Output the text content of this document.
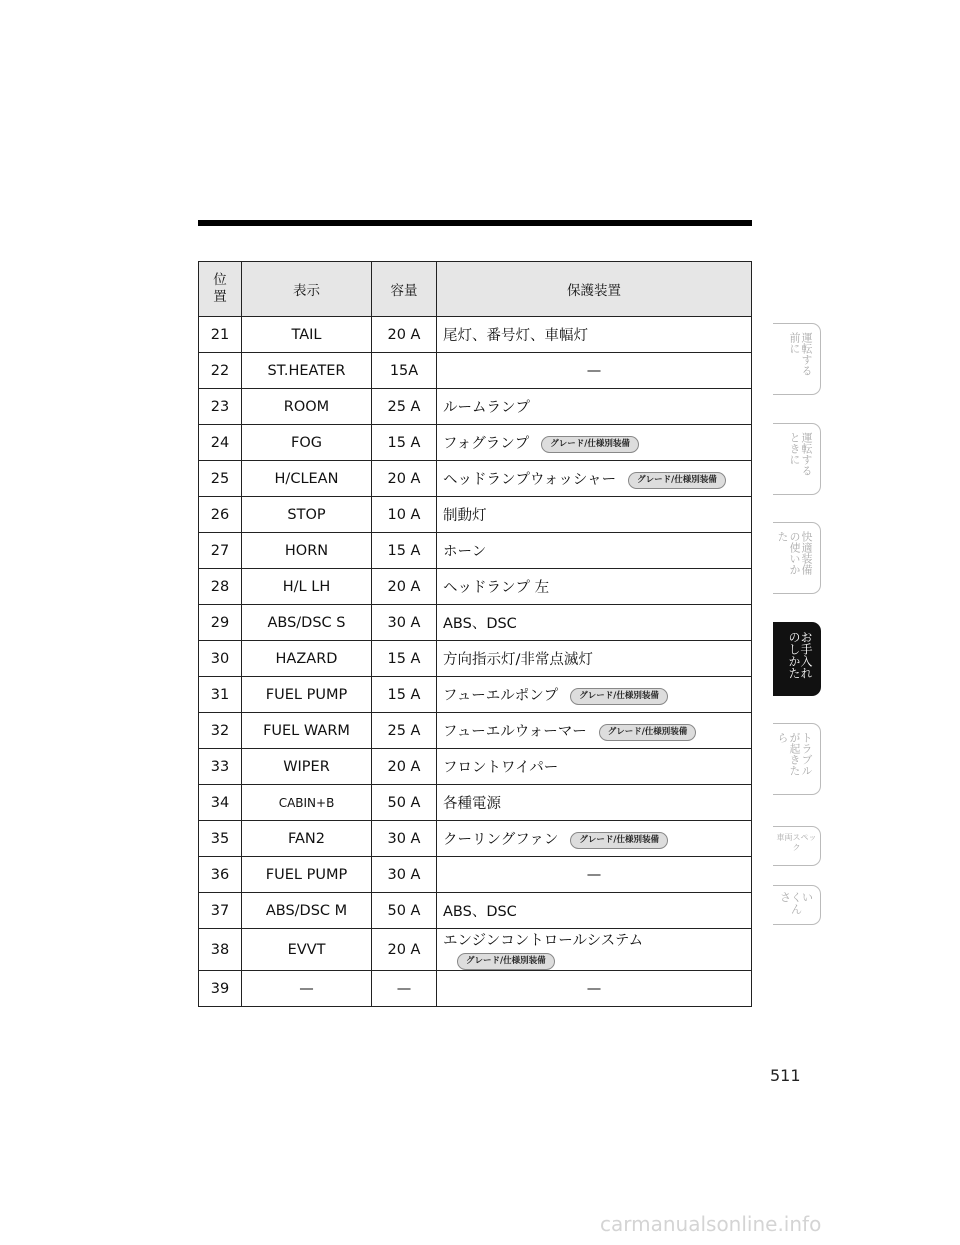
位
置	表示	容量	保護装置
21	TAIL	20 A	尾灯、番号灯、車幅灯
22	ST.HEATER	15A	—
23	ROOM	25 A	ルームランプ
24	FOG	15 A	フォグランプ グレード/仕様別装備
25	H/CLEAN	20 A	ヘッドランプウォッシャー グレード/仕様別装備
26	STOP	10 A	制動灯
27	HORN	15 A	ホーン
28	H/L LH	20 A	ヘッドランプ 左
29	ABS/DSC S	30 A	ABS、DSC
30	HAZARD	15 A	方向指示灯/非常点滅灯
31	FUEL PUMP	15 A	フューエルポンプ グレード/仕様別装備
32	FUEL WARM	25 A	フューエルウォーマー グレード/仕様別装備
33	WIPER	20 A	フロントワイパー
34	CABIN+B	50 A	各種電源
35	FAN2	30 A	クーリングファン グレード/仕様別装備
36	FUEL PUMP	30 A	—
37	ABS/DSC M	50 A	ABS、DSC
38	EVVT	20 A	エンジンコントロールシステム
グレード/仕様別装備
39	—	—	—
運転する前に
運転するときに
快適装備の使いかた
お手入れのしかた
トラブルが起きたら
車両スペック
さくいん
511
carmanualsonline.info
